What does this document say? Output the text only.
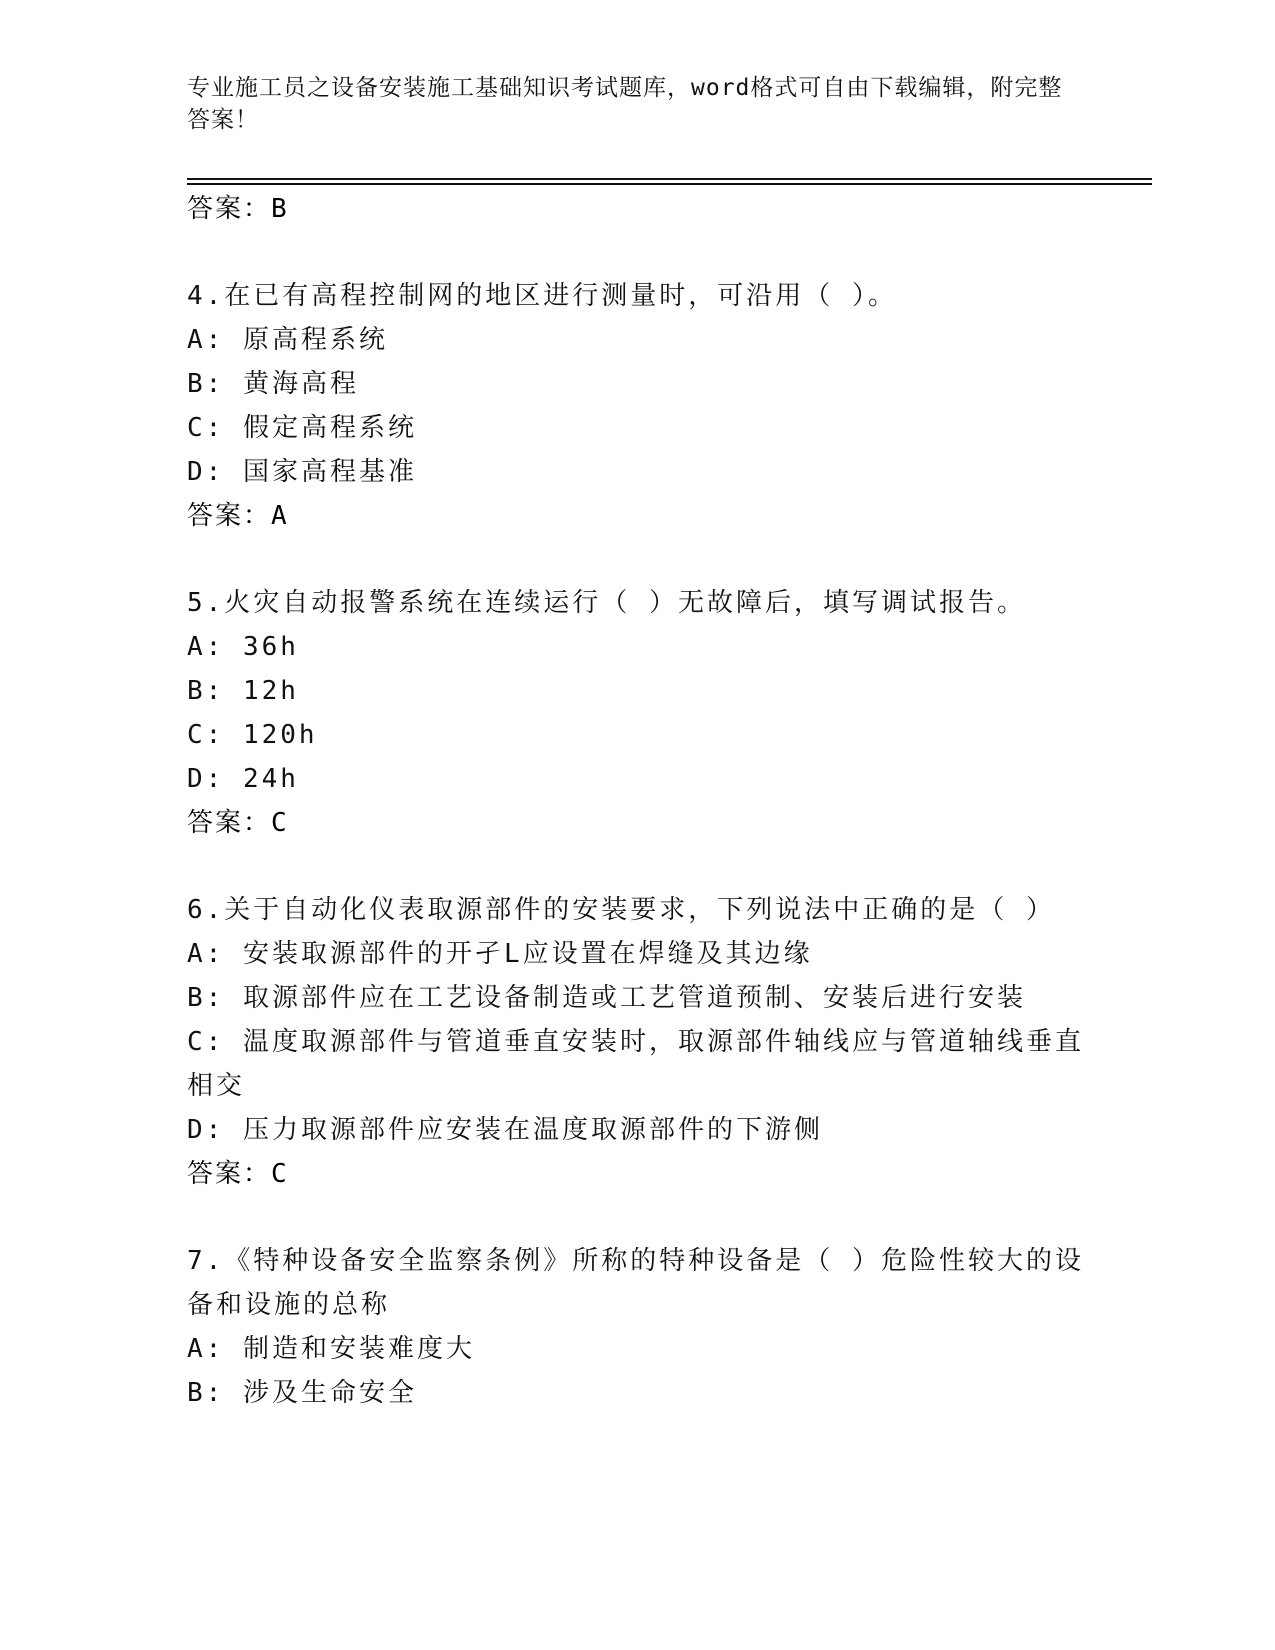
专业施工员之设备安装施工基础知识考试题库，word格式可自由下载编辑，附完整答案！
答案：B
4.在已有高程控制网的地区进行测量时，可沿用（ ）。
A: 原高程系统
B: 黄海高程
C: 假定高程系统
D: 国家高程基准
答案：A
5.火灾自动报警系统在连续运行（ ）无故障后，填写调试报告。
A: 36h
B: 12h
C: 120h
D: 24h
答案：C
6.关于自动化仪表取源部件的安装要求，下列说法中正确的是（ ）
A: 安装取源部件的开孑L应设置在焊缝及其边缘
B: 取源部件应在工艺设备制造或工艺管道预制、安装后进行安装
C: 温度取源部件与管道垂直安装时，取源部件轴线应与管道轴线垂直
相交
D: 压力取源部件应安装在温度取源部件的下游侧
答案：C
7.《特种设备安全监察条例》所称的特种设备是（ ）危险性较大的设
备和设施的总称
A: 制造和安装难度大
B: 涉及生命安全
